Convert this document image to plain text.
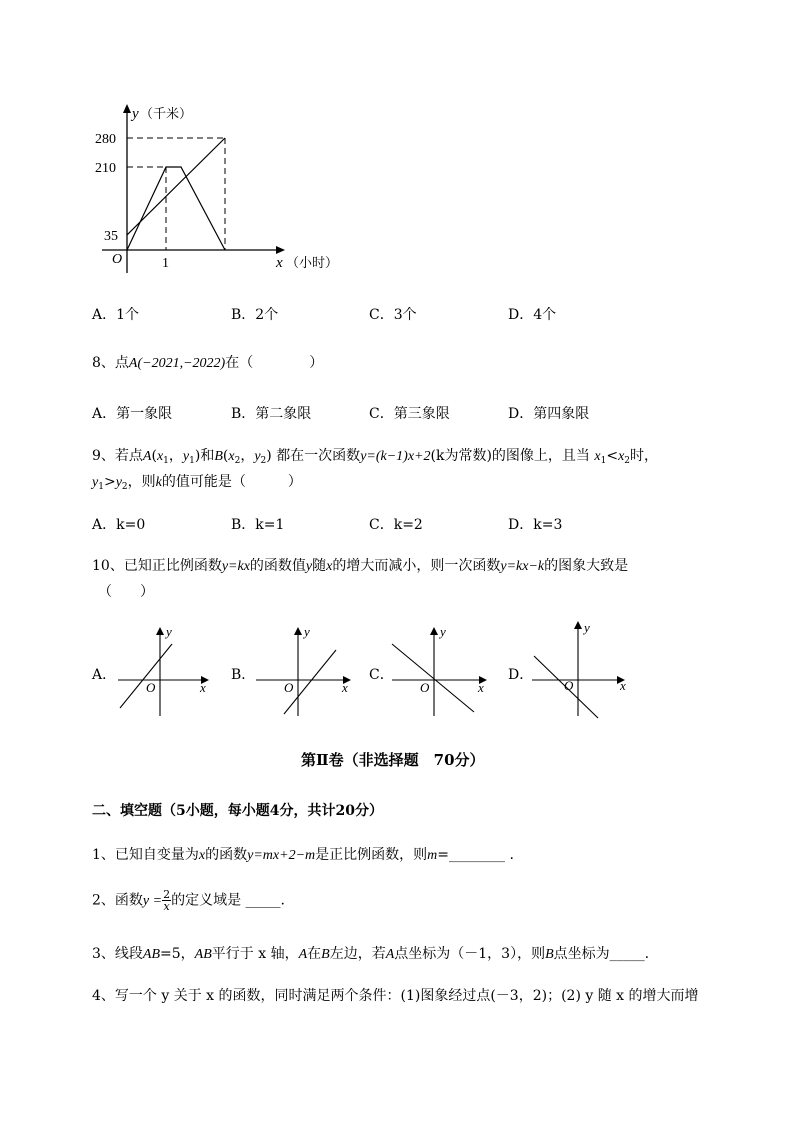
y （千米）
280
210
35
O	1	x （小时）
A．1个	B．2个	C．3个	D．4个
8、点A(−2021,−2022)在（　　　　）
A．第一象限	B．第二象限	C．第三象限	D．第四象限
9、若点$A(x_1$，$y_1$)和$B(x_2$，$y_2$) 都在一次函数y=(k−1)x+2(k为常数)的图像上，且当 $x_1<x_2$时，
$y_1>y_2$，则k的值可能是（　　　）
A．k=0	B．k=1	C．k=2	D．k=3
10、已知正比例函数y=kx的函数值y随x的增大而减小，则一次函数y=kx−k的图象大致是
（　　）
A．
y
x
O
B．
y
x
O
C．
y
x
O
D．
y
x
O
第Ⅱ卷（非选择题　70分）
二、填空题（5小题，每小题4分，共计20分）
1、已知自变量为x的函数y=mx+2−m是正比例函数，则m=________ .
2、函数$y = \frac{2}{x}$ 的定义域是 _____.
3、线段AB=5，AB平行于 x 轴，A在B左边，若A点坐标为（－1，3），则B点坐标为_____.
4、写一个 y 关于 x 的函数，同时满足两个条件：(1)图象经过点(－3，2)；(2) y 随 x 的增大而增
